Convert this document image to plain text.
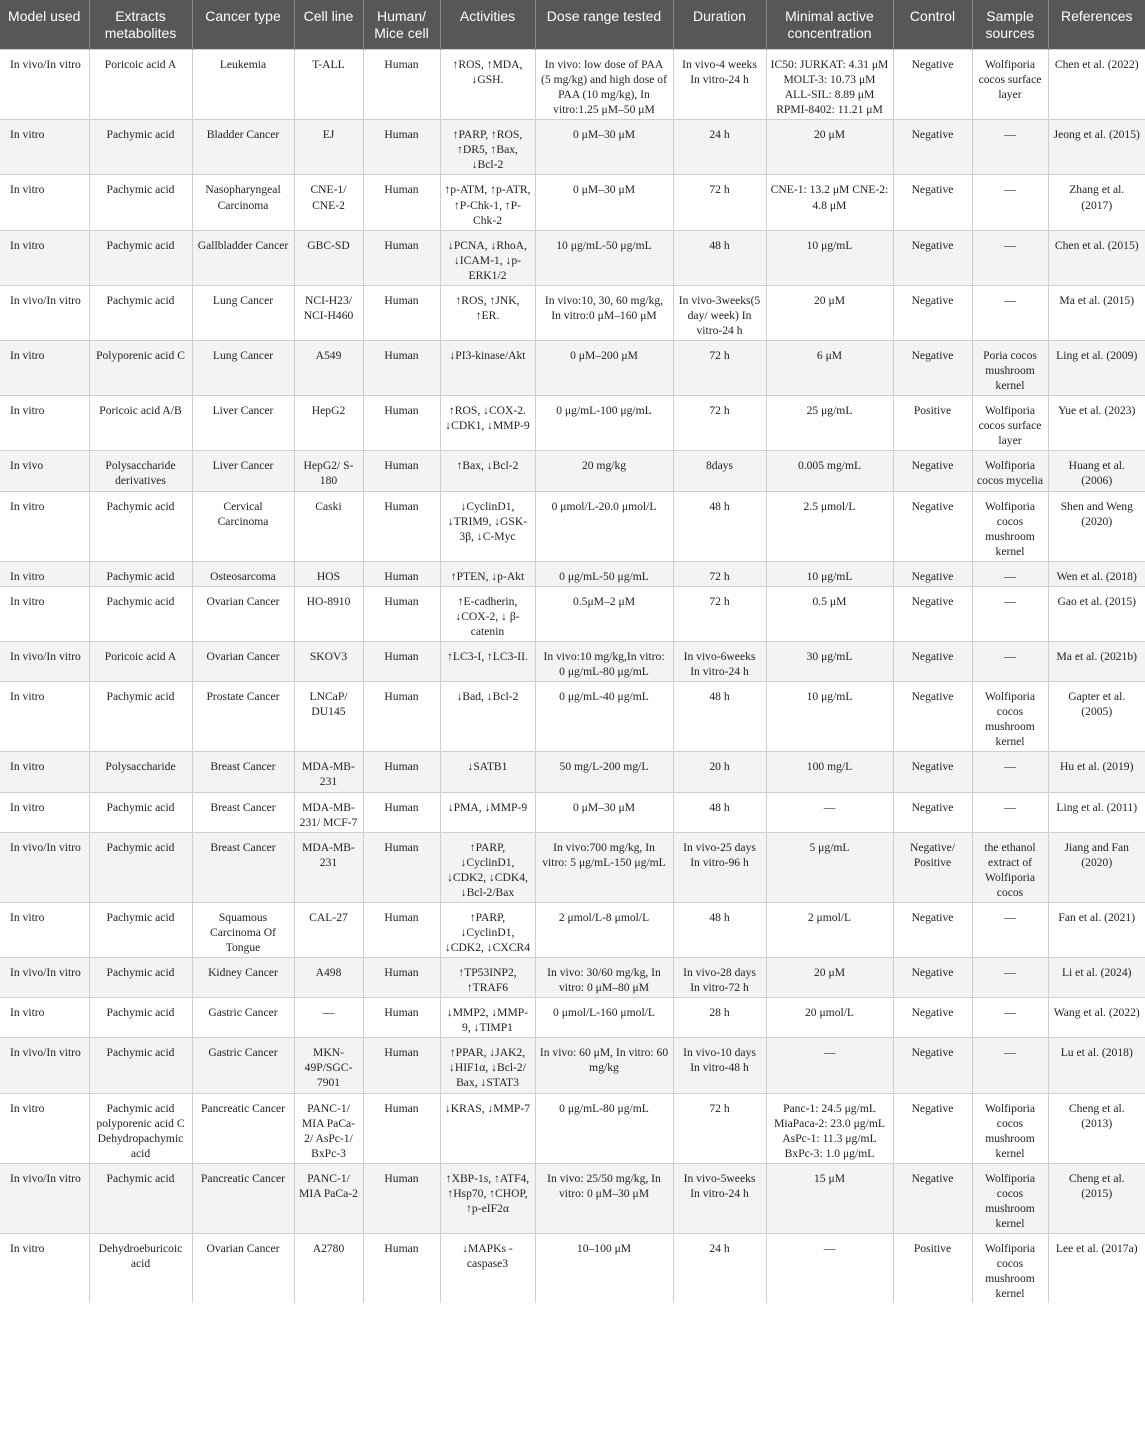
Model used	Extracts metabolites	Cancer type	Cell line	Human/ Mice cell	Activities	Dose range tested	Duration	Minimal active concentration	Control	Sample sources	References
In vivo/In vitro	Poricoic acid A	Leukemia	T-ALL	Human	↑ROS, ↑MDA, ↓GSH.	In vivo: low dose of PAA (5 mg/kg) and high dose of PAA (10 mg/kg), In vitro:1.25 μM–50 μM	In vivo-4 weeks In vitro-24 h	IC50: JURKAT: 4.31 μM MOLT-3: 10.73 μM ALL-SIL: 8.89 μM RPMI-8402: 11.21 μM	Negative	Wolfiporia cocos surface layer	Chen et al. (2022)
In vitro	Pachymic acid	Bladder Cancer	EJ	Human	↑PARP, ↑ROS, ↑DR5, ↑Bax, ↓Bcl-2	0 μM–30 μM	24 h	20 μM	Negative	—	Jeong et al. (2015)
In vitro	Pachymic acid	Nasopharyngeal Carcinoma	CNE-1/ CNE-2	Human	↑p-ATM, ↑p-ATR, ↑P-Chk-1, ↑P-Chk-2	0 μM–30 μM	72 h	CNE-1: 13.2 μM CNE-2: 4.8 μM	Negative	—	Zhang et al. (2017)
In vitro	Pachymic acid	Gallbladder Cancer	GBC-SD	Human	↓PCNA, ↓RhoA, ↓ICAM-1, ↓p-ERK1/2	10 μg/mL-50 μg/mL	48 h	10 μg/mL	Negative	—	Chen et al. (2015)
In vivo/In vitro	Pachymic acid	Lung Cancer	NCI-H23/ NCI-H460	Human	↑ROS, ↑JNK, ↑ER.	In vivo:10, 30, 60 mg/kg, In vitro:0 μM–160 μM	In vivo-3weeks(5 day/ week) In vitro-24 h	20 μM	Negative	—	Ma et al. (2015)
In vitro	Polyporenic acid C	Lung Cancer	A549	Human	↓PI3-kinase/Akt	0 μM–200 μM	72 h	6 μM	Negative	Poria cocos mushroom kernel	Ling et al. (2009)
In vitro	Poricoic acid A/B	Liver Cancer	HepG2	Human	↑ROS, ↓COX-2. ↓CDK1, ↓MMP-9	0 μg/mL-100 μg/mL	72 h	25 μg/mL	Positive	Wolfiporia cocos surface layer	Yue et al. (2023)
In vivo	Polysaccharide derivatives	Liver Cancer	HepG2/ S-180	Human	↑Bax, ↓Bcl-2	20 mg/kg	8days	0.005 mg/mL	Negative	Wolfiporia cocos mycelia	Huang et al. (2006)
In vitro	Pachymic acid	Cervical Carcinoma	Caski	Human	↓CyclinD1, ↓TRIM9, ↓GSK-3β, ↓C-Myc	0 μmol/L-20.0 μmol/L	48 h	2.5 μmol/L	Negative	Wolfiporia cocos mushroom kernel	Shen and Weng (2020)
In vitro	Pachymic acid	Osteosarcoma	HOS	Human	↑PTEN, ↓p-Akt	0 μg/mL-50 μg/mL	72 h	10 μg/mL	Negative	—	Wen et al. (2018)
In vitro	Pachymic acid	Ovarian Cancer	HO-8910	Human	↑E-cadherin, ↓COX-2, ↓ β-catenin	0.5μM–2 μM	72 h	0.5 μM	Negative	—	Gao et al. (2015)
In vivo/In vitro	Poricoic acid A	Ovarian Cancer	SKOV3	Human	↑LC3-I, ↑LC3-II.	In vivo:10 mg/kg,In vitro: 0 μg/mL-80 μg/mL	In vivo-6weeks In vitro-24 h	30 μg/mL	Negative	—	Ma et al. (2021b)
In vitro	Pachymic acid	Prostate Cancer	LNCaP/ DU145	Human	↓Bad, ↓Bcl-2	0 μg/mL-40 μg/mL	48 h	10 μg/mL	Negative	Wolfiporia cocos mushroom kernel	Gapter et al. (2005)
In vitro	Polysaccharide	Breast Cancer	MDA-MB-231	Human	↓SATB1	50 mg/L-200 mg/L	20 h	100 mg/L	Negative	—	Hu et al. (2019)
In vitro	Pachymic acid	Breast Cancer	MDA-MB-231/ MCF-7	Human	↓PMA, ↓MMP-9	0 μM–30 μM	48 h	—	Negative	—	Ling et al. (2011)
In vivo/In vitro	Pachymic acid	Breast Cancer	MDA-MB-231	Human	↑PARP, ↓CyclinD1, ↓CDK2, ↓CDK4, ↓Bcl-2/Bax	In vivo:700 mg/kg, In vitro: 5 μg/mL-150 μg/mL	In vivo-25 days In vitro-96 h	5 μg/mL	Negative/ Positive	the ethanol extract of Wolfiporia cocos	Jiang and Fan (2020)
In vitro	Pachymic acid	Squamous Carcinoma Of Tongue	CAL-27	Human	↑PARP, ↓CyclinD1, ↓CDK2, ↓CXCR4	2 μmol/L-8 μmol/L	48 h	2 μmol/L	Negative	—	Fan et al. (2021)
In vivo/In vitro	Pachymic acid	Kidney Cancer	A498	Human	↑TP53INP2, ↑TRAF6	In vivo: 30/60 mg/kg, In vitro: 0 μM–80 μM	In vivo-28 days In vitro-72 h	20 μM	Negative	—	Li et al. (2024)
In vitro	Pachymic acid	Gastric Cancer	—	Human	↓MMP2, ↓MMP-9, ↓TIMP1	0 μmol/L-160 μmol/L	28 h	20 μmol/L	Negative	—	Wang et al. (2022)
In vivo/In vitro	Pachymic acid	Gastric Cancer	MKN-49P/SGC-7901	Human	↑PPAR, ↓JAK2, ↓HIF1α, ↓Bcl-2/ Bax, ↓STAT3	In vivo: 60 μM, In vitro: 60 mg/kg	In vivo-10 days In vitro-48 h	—	Negative	—	Lu et al. (2018)
In vitro	Pachymic acid polyporenic acid C Dehydropachymic acid	Pancreatic Cancer	PANC-1/ MIA PaCa-2/ AsPc-1/ BxPc-3	Human	↓KRAS, ↓MMP-7	0 μg/mL-80 μg/mL	72 h	Panc-1: 24.5 μg/mL MiaPaca-2: 23.0 μg/mL AsPc-1: 11.3 μg/mL BxPc-3: 1.0 μg/mL	Negative	Wolfiporia cocos mushroom kernel	Cheng et al. (2013)
In vivo/In vitro	Pachymic acid	Pancreatic Cancer	PANC-1/ MIA PaCa-2	Human	↑XBP-1s, ↑ATF4, ↑Hsp70, ↑CHOP, ↑p-eIF2α	In vivo: 25/50 mg/kg, In vitro: 0 μM–30 μM	In vivo-5weeks In vitro-24 h	15 μM	Negative	Wolfiporia cocos mushroom kernel	Cheng et al. (2015)
In vitro	Dehydroeburicoic acid	Ovarian Cancer	A2780	Human	↓MAPKs - caspase3	10–100 μM	24 h	—	Positive	Wolfiporia cocos mushroom kernel	Lee et al. (2017a)
